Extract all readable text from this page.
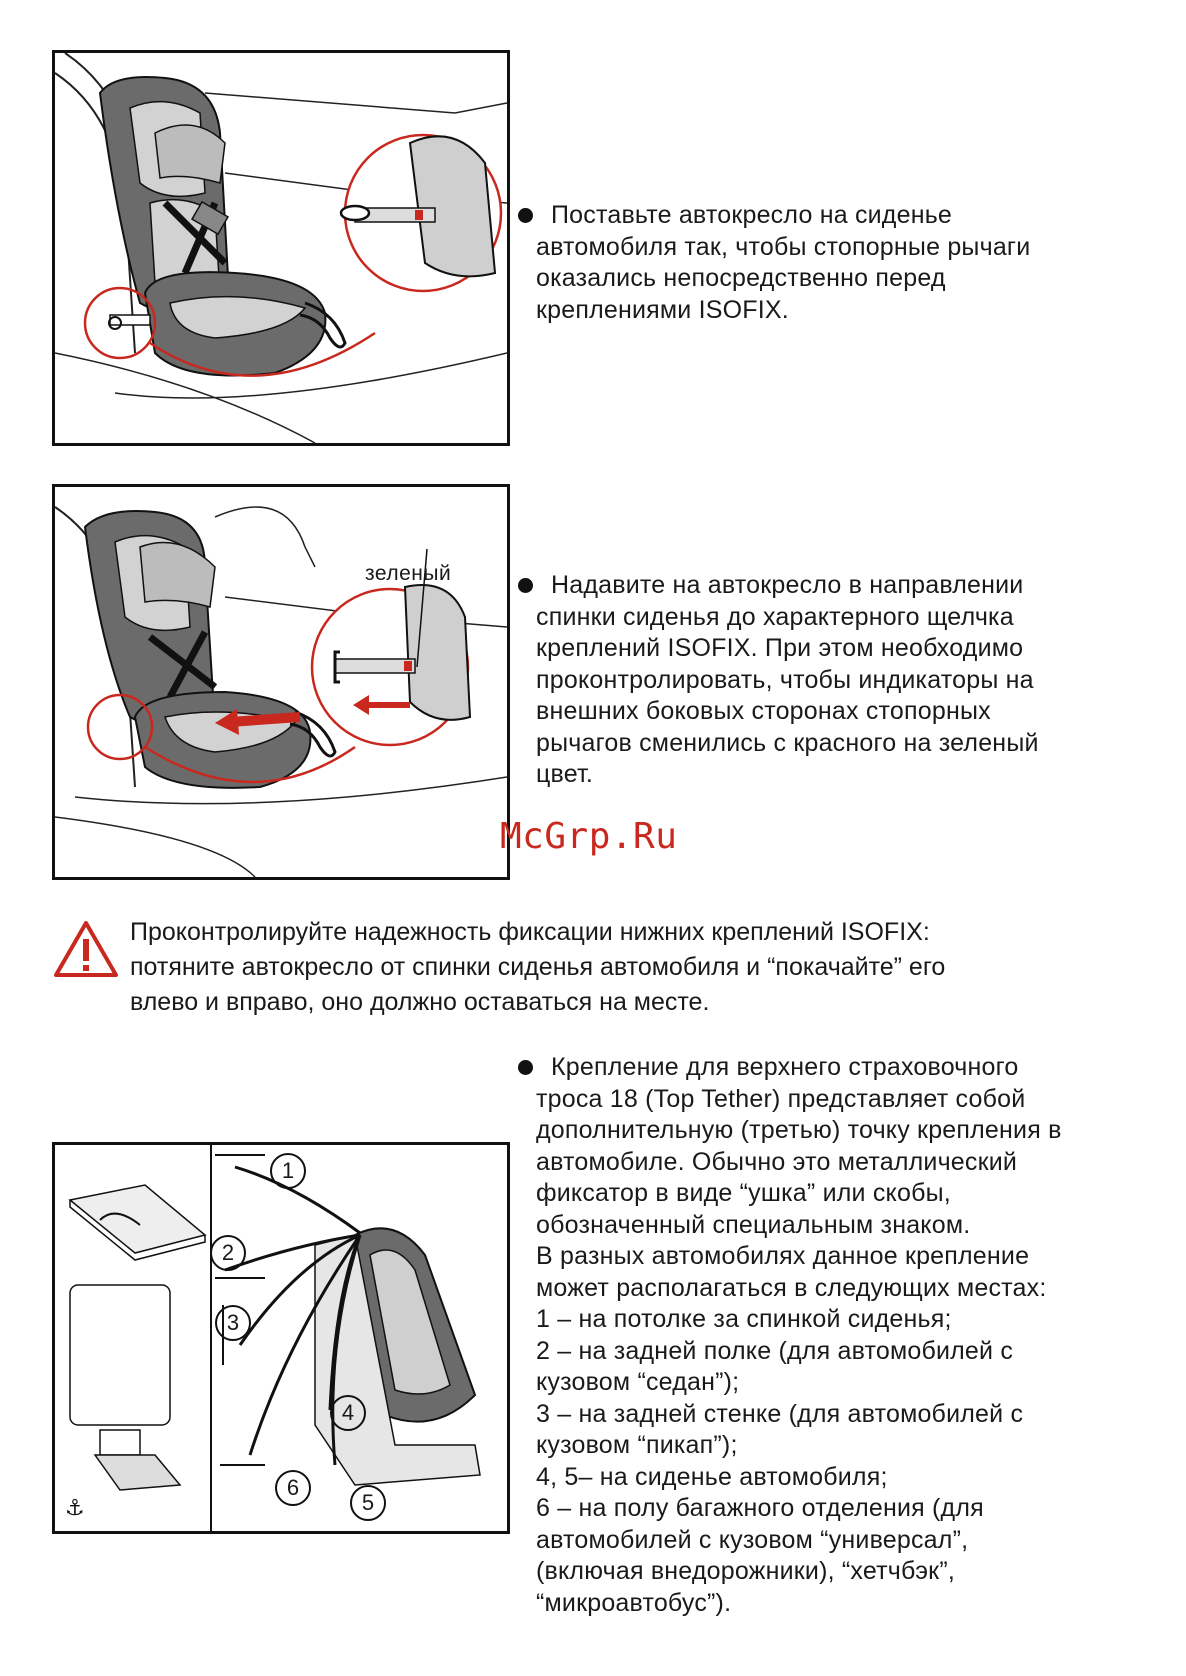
Поставьте автокресло на сиденье

автомобиля так, чтобы стопорные рычаги

оказались непосредственно перед

креплениями ISOFIX.

зеленый	Надавите на автокресло в направлении

спинки сиденья до характерного щелчка

креплений ISOFIX. При этом необходимо

проконтролировать, чтобы индикаторы на

внешних боковых сторонах стопорных

рычагов сменились с красного на зеленый

цвет.

McGrp.Ru
Проконтролируйте надежность фиксации нижних креплений ISOFIX:
потяните автокресло от спинки сиденья автомобиля и “покачайте” его
влево и вправо, оно должно оставаться на месте.
⚓
1
2
3
4
5
6

Крепление для верхнего страховочного

троса 18 (Top Tether) представляет собой

дополнительную (третью) точку крепления в

автомобиле. Обычно это металлический

фиксатор в виде “ушка” или скобы,

обозначенный специальным знаком.

В разных автомобилях данное крепление

может располагаться в следующих местах:

1 – на потолке за спинкой сиденья;

2 – на задней полке (для автомобилей с

кузовом “седан”);

3 – на задней стенке (для автомобилей с

кузовом “пикап”);

4, 5– на сиденье автомобиля;

6 – на полу багажного отделения (для

автомобилей с кузовом “универсал”,

(включая внедорожники), “хетчбэк”,

“микроавтобус”).
